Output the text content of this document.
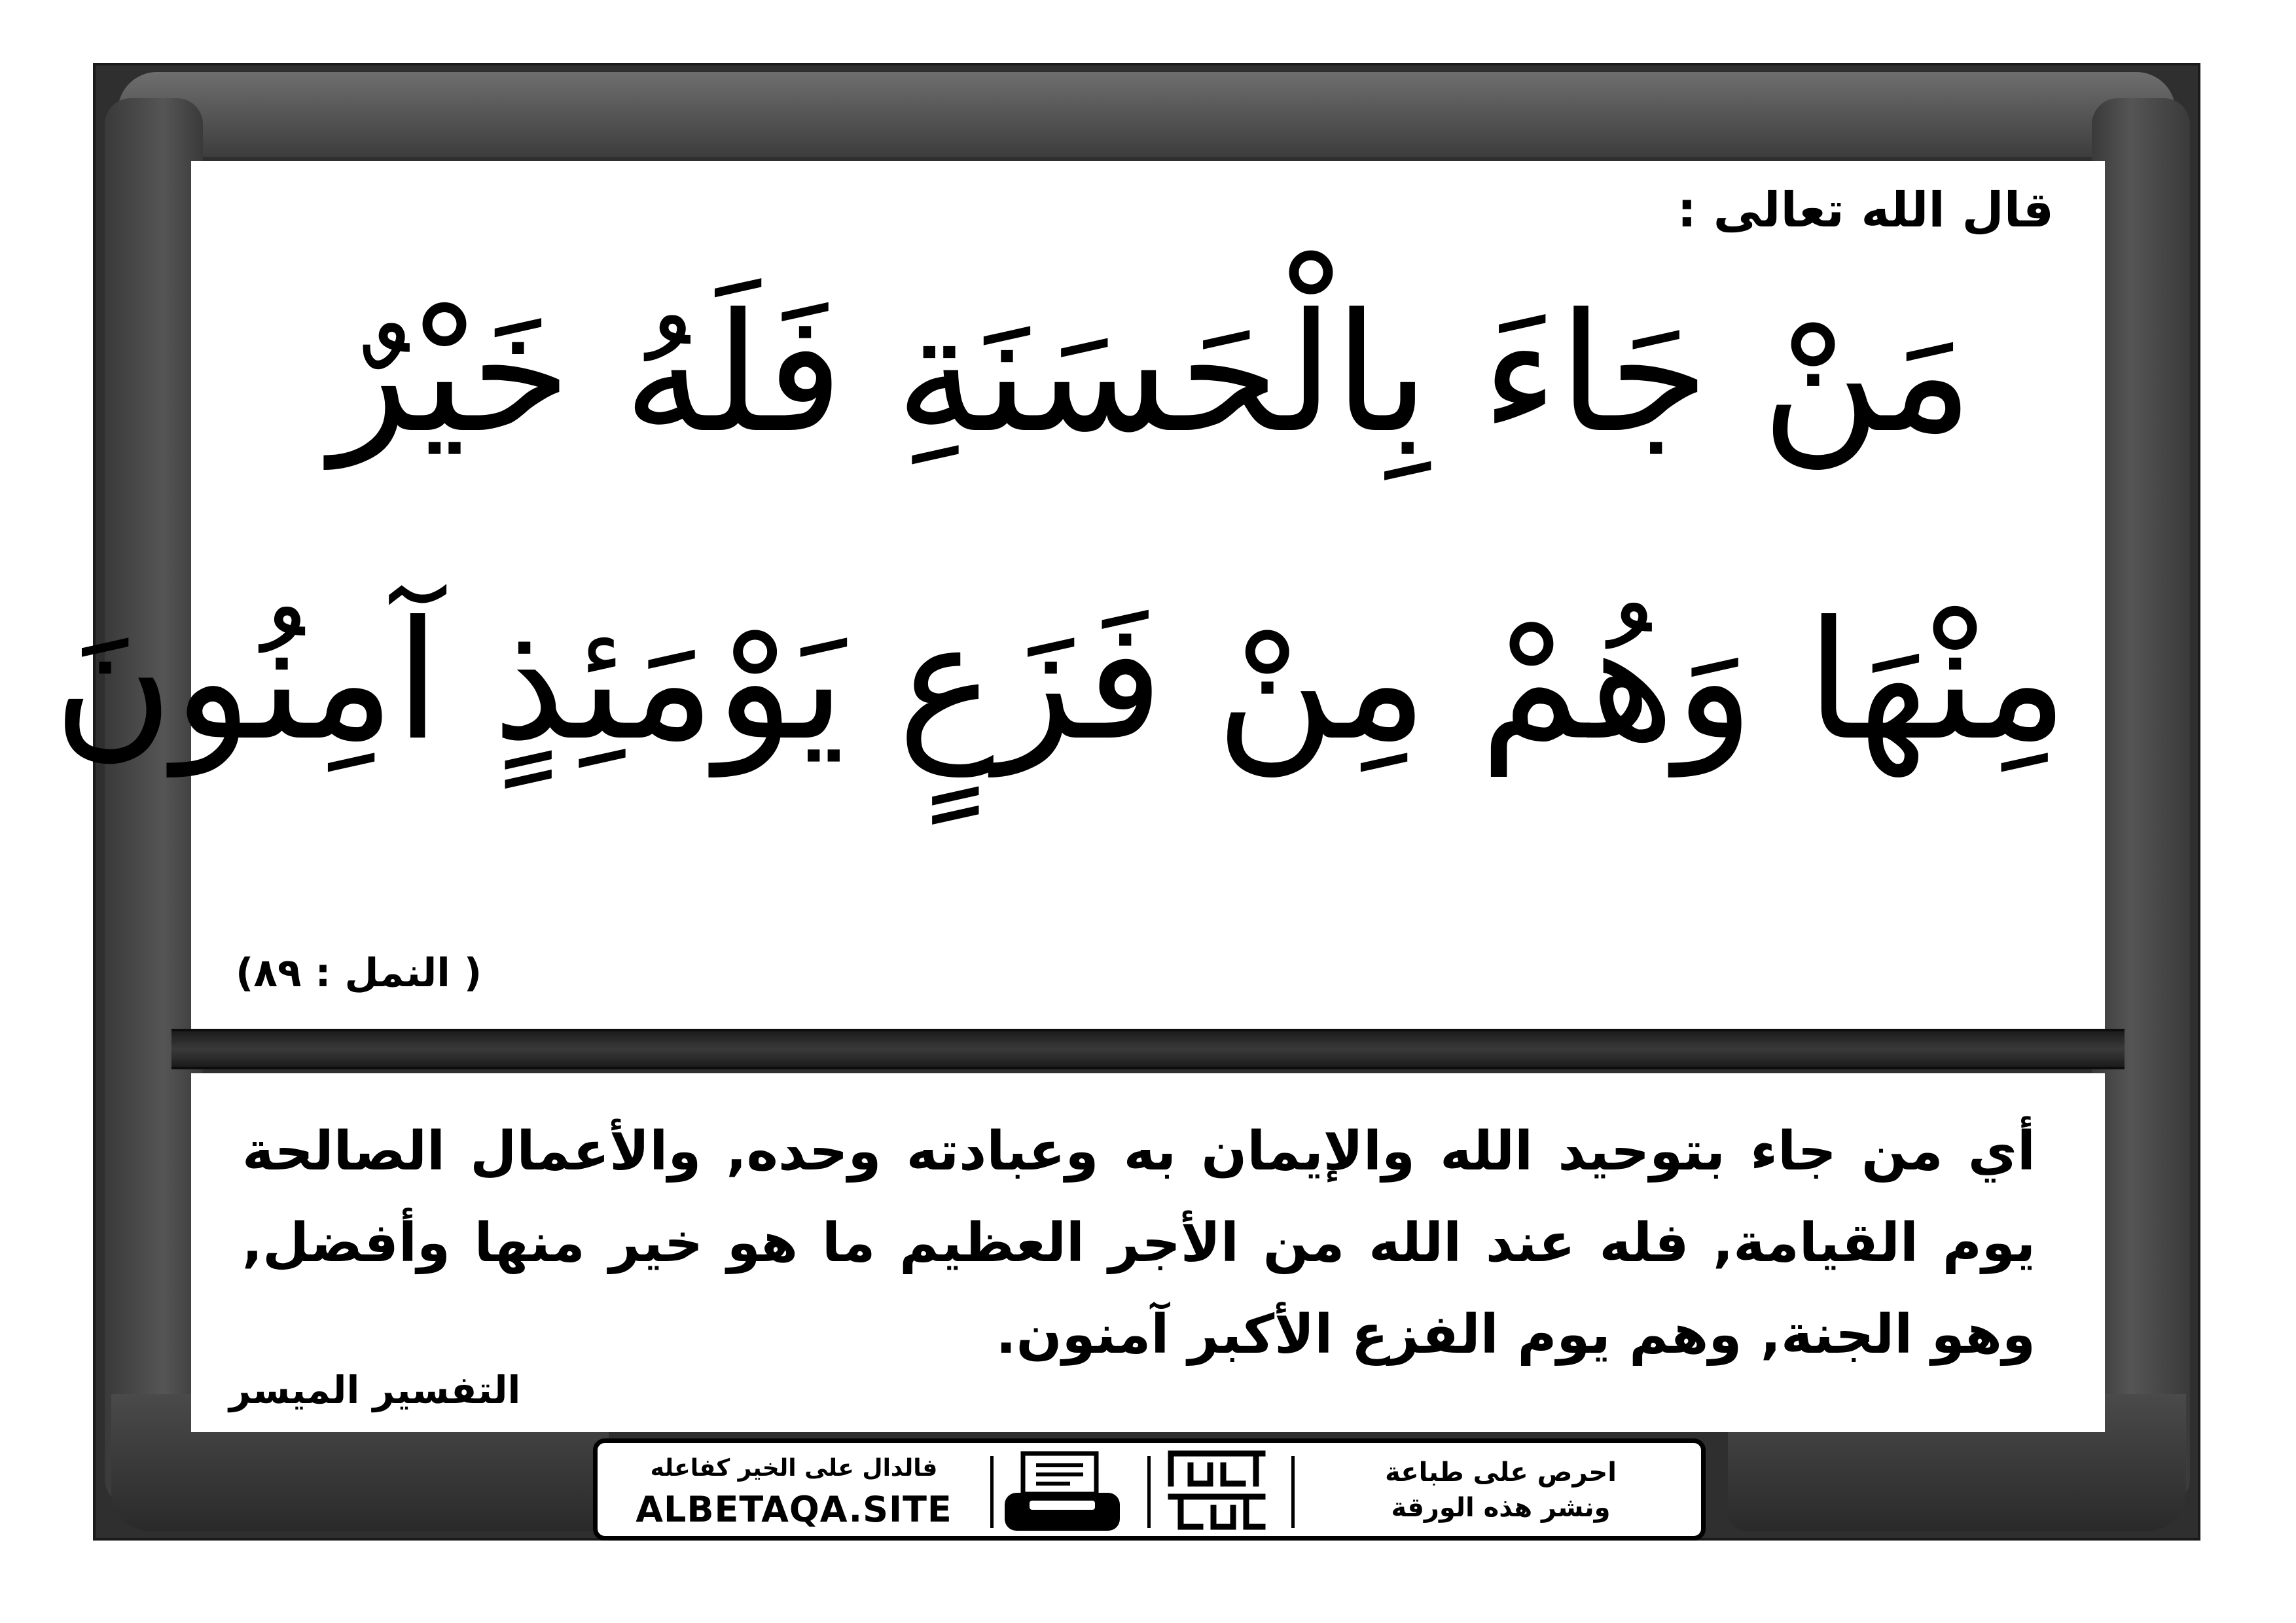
قال الله تعالى :
مَنْ جَاءَ بِالْحَسَنَةِ فَلَهُ خَيْرٌ
مِنْهَا وَهُمْ مِنْ فَزَعٍ يَوْمَئِذٍ آمِنُونَ
( النمل : ٨٩)
أي من جاء بتوحيد الله والإيمان به وعبادته وحده, والأعمال الصالحة يوم القيامة, فله عند الله من الأجر العظيم ما هو خير منها وأفضل, وهو الجنة, وهم يوم الفزع الأكبر آمنون.
التفسير الميسر
فالدال على الخير كفاعله
ALBETAQA.SITE
احرص على طباعة
ونشر هذه الورقة
